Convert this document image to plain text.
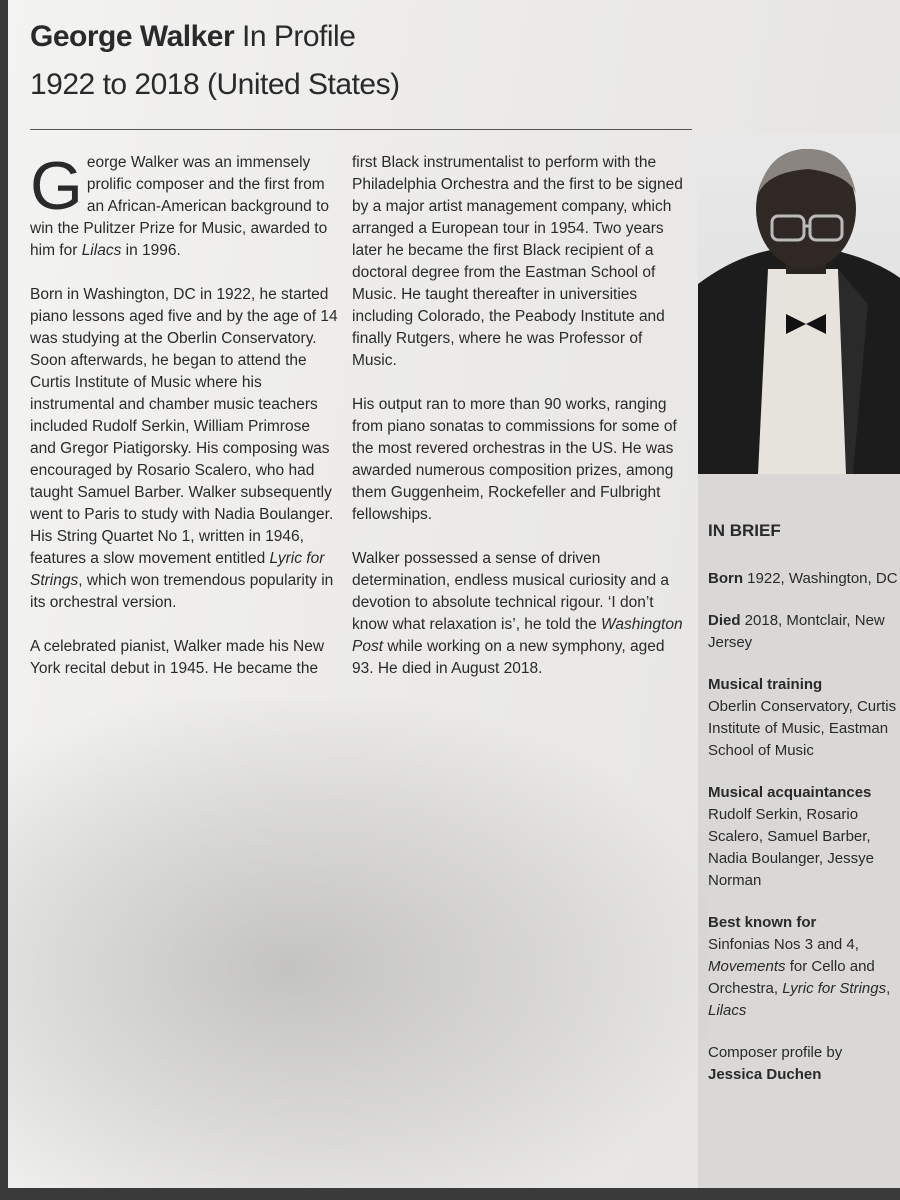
George Walker In Profile
1922 to 2018 (United States)

George Walker was an immensely prolific composer and the first from an African-American background to win the Pulitzer Prize for Music, awarded to him for Lilacs in 1996.

Born in Washington, DC in 1922, he started piano lessons aged five and by the age of 14 was studying at the Oberlin Conservatory. Soon afterwards, he began to attend the Curtis Institute of Music where his instrumental and chamber music teachers included Rudolf Serkin, William Primrose and Gregor Piatigorsky. His composing was encouraged by Rosario Scalero, who had taught Samuel Barber. Walker subsequently went to Paris to study with Nadia Boulanger. His String Quartet No 1, written in 1946, features a slow movement entitled Lyric for Strings, which won tremendous popularity in its orchestral version.

A celebrated pianist, Walker made his New York recital debut in 1945. He became the

first Black instrumentalist to perform with the Philadelphia Orchestra and the first to be signed by a major artist management company, which arranged a European tour in 1954. Two years later he became the first Black recipient of a doctoral degree from the Eastman School of Music. He taught thereafter in universities including Colorado, the Peabody Institute and finally Rutgers, where he was Professor of Music.

His output ran to more than 90 works, ranging from piano sonatas to commissions for some of the most revered orchestras in the US. He was awarded numerous composition prizes, among them Guggenheim, Rockefeller and Fulbright fellowships.

Walker possessed a sense of driven determination, endless musical curiosity and a devotion to absolute technical rigour. ‘I don’t know what relaxation is’, he told the Washington Post while working on a new symphony, aged 93. He died in August 2018.

IN BRIEF
Born 1922, Washington, DC
Died 2018, Montclair, New Jersey
Musical training
Oberlin Conservatory, Curtis Institute of Music, Eastman School of Music
Musical acquaintances
Rudolf Serkin, Rosario Scalero, Samuel Barber, Nadia Boulanger, Jessye Norman
Best known for
Sinfonias Nos 3 and 4, Movements for Cello and Orchestra, Lyric for Strings, Lilacs
Composer profile by
Jessica Duchen
